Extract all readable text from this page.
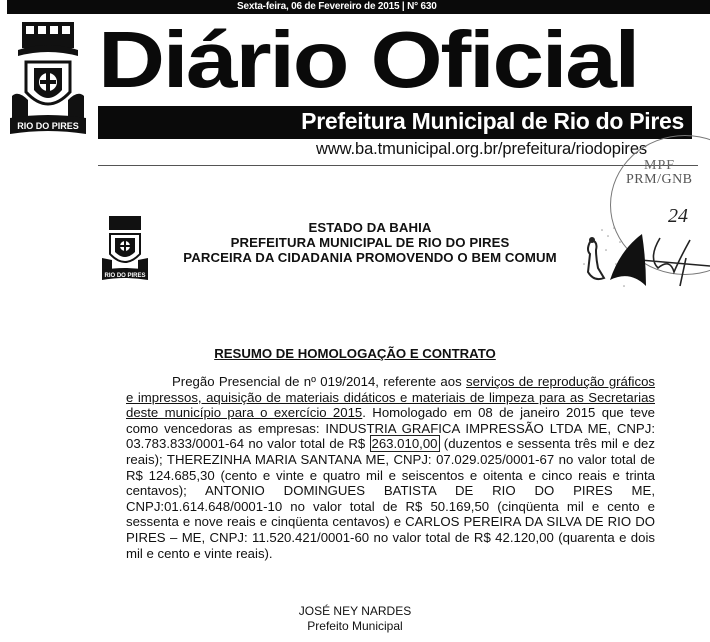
Sexta-feira, 06 de Fevereiro de 2015 | N° 630
RIO DO PIRES
Diário Oficial
Prefeitura Municipal de Rio do Pires
www.ba.tmunicipal.org.br/prefeitura/riodopires
MPF
PRM/GNB
24
RIO DO PIRES
ESTADO DA BAHIA
PREFEITURA MUNICIPAL DE RIO DO PIRES
PARCEIRA DA CIDADANIA PROMOVENDO O BEM COMUM
RESUMO DE HOMOLOGAÇÃO E CONTRATO

Pregão Presencial de nº 019/2014, referente aos serviços de reprodução gráficos e impressos, aquisição de materiais didáticos e materiais de limpeza para as Secretarias deste município para o exercício 2015. Homologado em 08 de janeiro 2015 que teve como vencedoras as empresas: INDUSTRIA GRAFICA IMPRESSÃO LTDA ME, CNPJ: 03.783.833/0001-64 no valor total de R$ 263.010,00 (duzentos e sessenta três mil e dez reais); THEREZINHA MARIA SANTANA ME, CNPJ: 07.029.025/0001-67 no valor total de R$ 124.685,30 (cento e vinte e quatro mil e seiscentos e oitenta e cinco reais e trinta centavos); ANTONIO DOMINGUES BATISTA DE RIO DO PIRES ME, CNPJ:01.614.648/0001-10 no valor total de R$ 50.169,50 (cinqüenta mil e cento e sessenta e nove reais e cinqüenta centavos) e CARLOS PEREIRA DA SILVA DE RIO DO PIRES – ME, CNPJ: 11.520.421/0001-60 no valor total de R$ 42.120,00 (quarenta e dois mil e cento e vinte reais).

JOSÉ NEY NARDES
Prefeito Municipal
